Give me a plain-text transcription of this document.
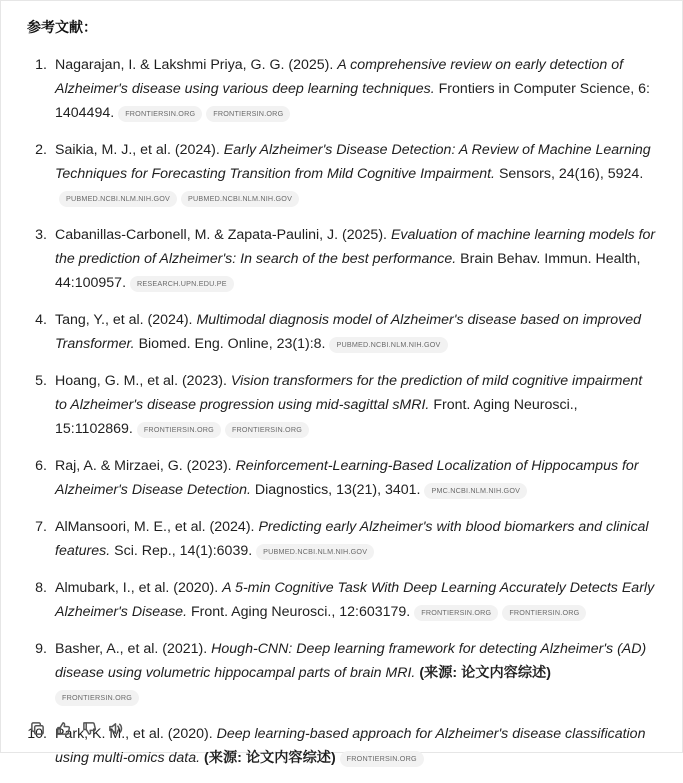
参考文献：
1. Nagarajan, I. & Lakshmi Priya, G. G. (2025). A comprehensive review on early detection of Alzheimer's disease using various deep learning techniques. Frontiers in Computer Science, 6: 1404494. FRONTIERSIN.ORG	FRONTIERSIN.ORG
2. Saikia, M. J., et al. (2024). Early Alzheimer's Disease Detection: A Review of Machine Learning Techniques for Forecasting Transition from Mild Cognitive Impairment. Sensors, 24(16), 5924.PUBMED.NCBI.NLM.NIH.GOV	PUBMED.NCBI.NLM.NIH.GOV
3. Cabanillas-Carbonell, M. & Zapata-Paulini, J. (2025). Evaluation of machine learning models for the prediction of Alzheimer's: In search of the best performance. Brain Behav. Immun. Health, 44:100957. RESEARCH.UPN.EDU.PE
4. Tang, Y., et al. (2024). Multimodal diagnosis model of Alzheimer's disease based on improved Transformer. Biomed. Eng. Online, 23(1):8. PUBMED.NCBI.NLM.NIH.GOV
5. Hoang, G. M., et al. (2023). Vision transformers for the prediction of mild cognitive impairment to Alzheimer's disease progression using mid-sagittal sMRI. Front. Aging Neurosci., 15:1102869. FRONTIERSIN.ORG	FRONTIERSIN.ORG
6. Raj, A. & Mirzaei, G. (2023). Reinforcement-Learning-Based Localization of Hippocampus for Alzheimer's Disease Detection. Diagnostics, 13(21), 3401. PMC.NCBI.NLM.NIH.GOV
7. AlMansoori, M. E., et al. (2024). Predicting early Alzheimer's with blood biomarkers and clinical features. Sci. Rep., 14(1):6039. PUBMED.NCBI.NLM.NIH.GOV
8. Almubark, I., et al. (2020). A 5-min Cognitive Task With Deep Learning Accurately Detects Early Alzheimer's Disease. Front. Aging Neurosci., 12:603179. FRONTIERSIN.ORG	FRONTIERSIN.ORG
9. Basher, A., et al. (2021). Hough-CNN: Deep learning framework for detecting Alzheimer's (AD) disease using volumetric hippocampal parts of brain MRI. (来源: 论文内容综述)
FRONTIERSIN.ORG
10. Park, K. M., et al. (2020). Deep learning-based approach for Alzheimer's disease classification using multi-omics data. (来源: 论文内容综述) FRONTIERSIN.ORG
